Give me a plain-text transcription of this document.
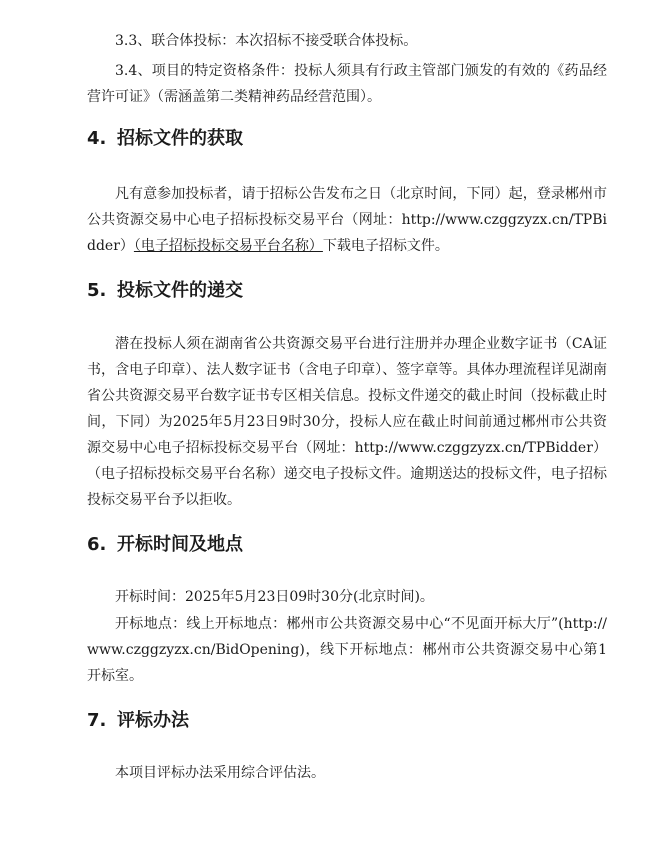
3.3、联合体投标：本次招标不接受联合体投标。

3.4、项目的特定资格条件：投标人须具有行政主管部门颁发的有效的《药品经营许可证》（需涵盖第二类精神药品经营范围）。

4. 招标文件的获取

凡有意参加投标者，请于招标公告发布之日（北京时间，下同）起，登录郴州市公共资源交易中心电子招标投标交易平台（网址：http://www.czggzyzx.cn/TPBidder）（电子招标投标交易平台名称）下载电子招标文件。

5. 投标文件的递交

潜在投标人须在湖南省公共资源交易平台进行注册并办理企业数字证书（CA证书，含电子印章）、法人数字证书（含电子印章）、签字章等。具体办理流程详见湖南省公共资源交易平台数字证书专区相关信息。投标文件递交的截止时间（投标截止时间，下同）为2025年5月23日9时30分，投标人应在截止时间前通过郴州市公共资源交易中心电子招标投标交易平台（网址：http://www.czggzyzx.cn/TPBidder）（电子招标投标交易平台名称）递交电子投标文件。逾期送达的投标文件，电子招标投标交易平台予以拒收。

6. 开标时间及地点

开标时间：2025年5月23日09时30分(北京时间)。

开标地点：线上开标地点：郴州市公共资源交易中心“不见面开标大厅”(http://www.czggzyzx.cn/BidOpening)，线下开标地点：郴州市公共资源交易中心第1开标室。

7. 评标办法

本项目评标办法采用综合评估法。
